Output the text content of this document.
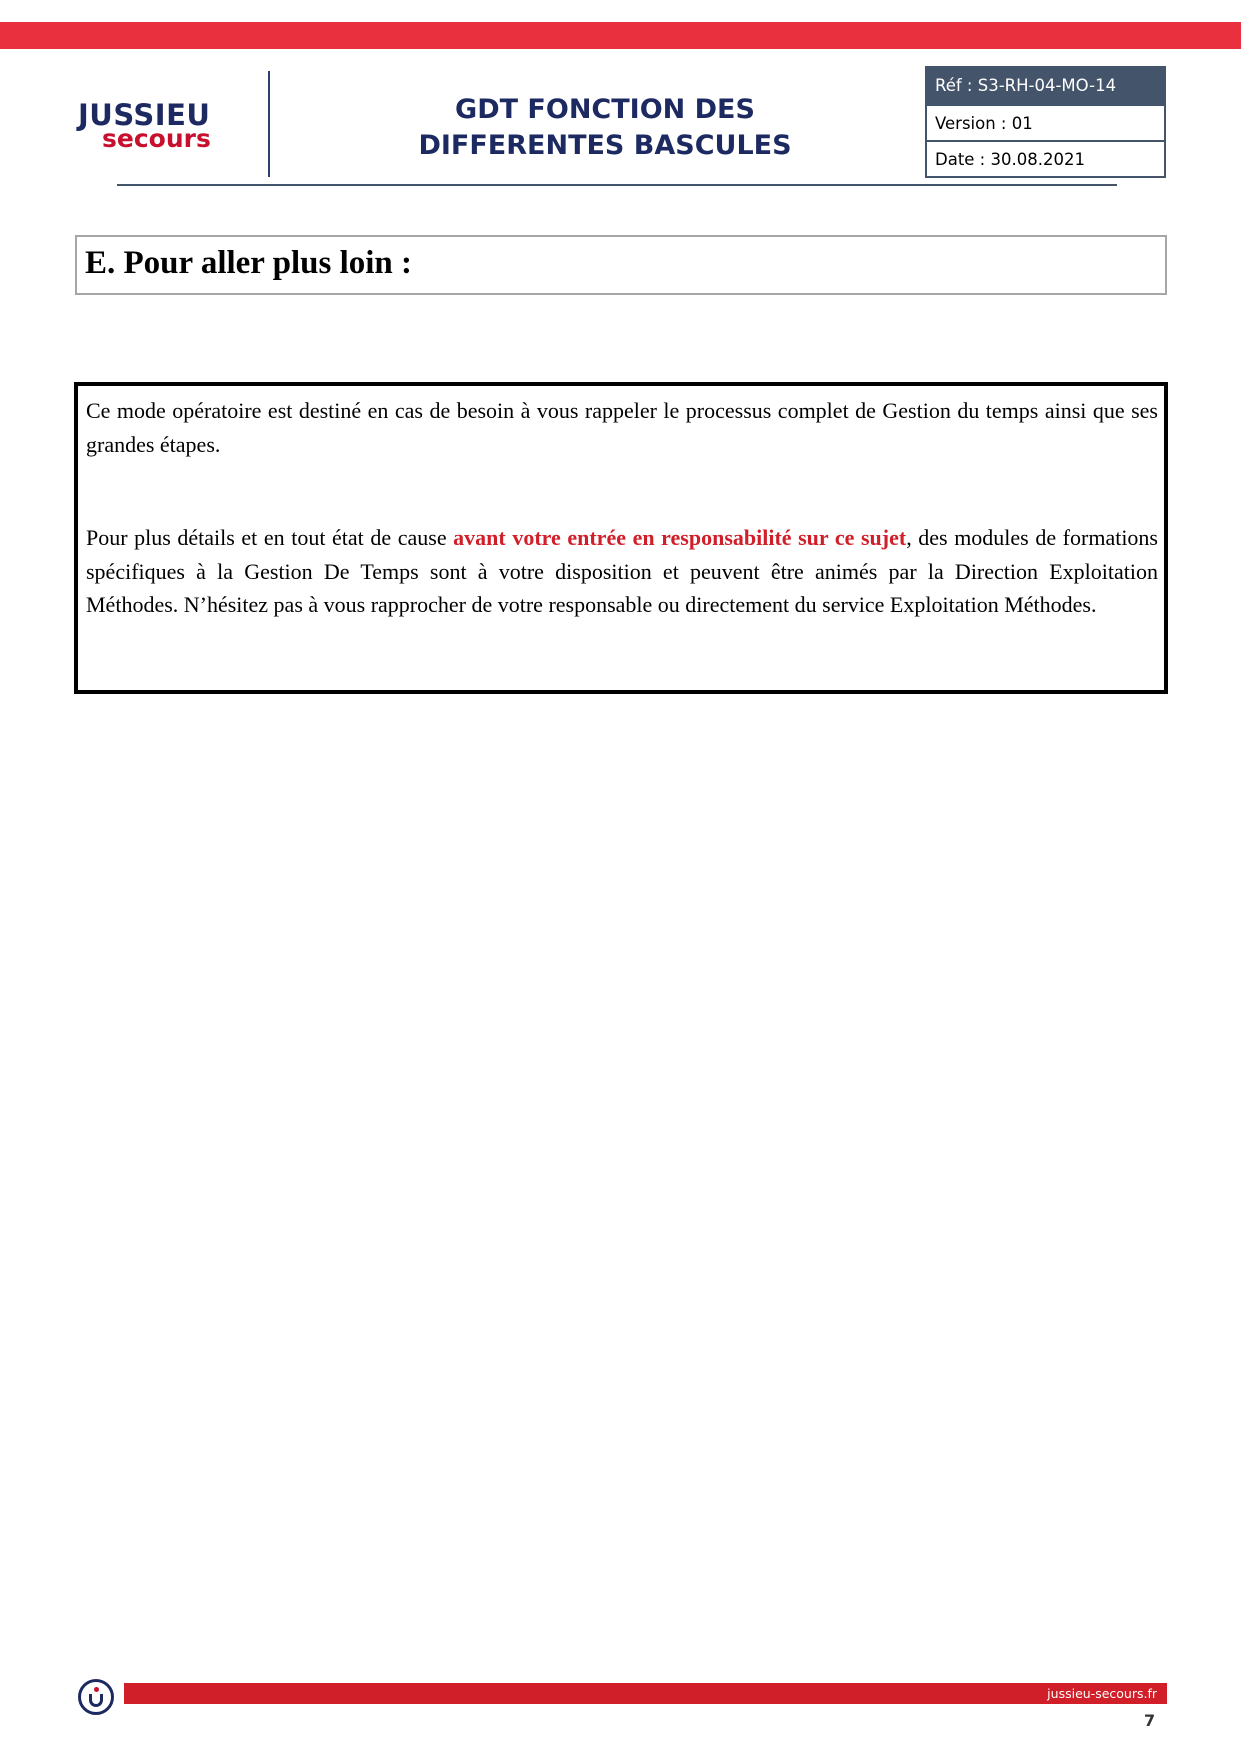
JUSSIEU
secours
GDT FONCTION DES
DIFFERENTES BASCULES
Réf : S3-RH-04-MO-14
Version : 01
Date : 30.08.2021
E. Pour aller plus loin :

Ce mode opératoire est destiné en cas de besoin à vous rappeler le processus complet de Gestion du temps ainsi que ses grandes étapes.

Pour plus détails et en tout état de cause avant votre entrée en responsabilité sur ce sujet, des modules de formations spécifiques à la Gestion De Temps sont à votre disposition et peuvent être animés par la Direction Exploitation Méthodes. N’hésitez pas à vous rapprocher de votre responsable ou directement du service Exploitation Méthodes.

jussieu-secours.fr
7
